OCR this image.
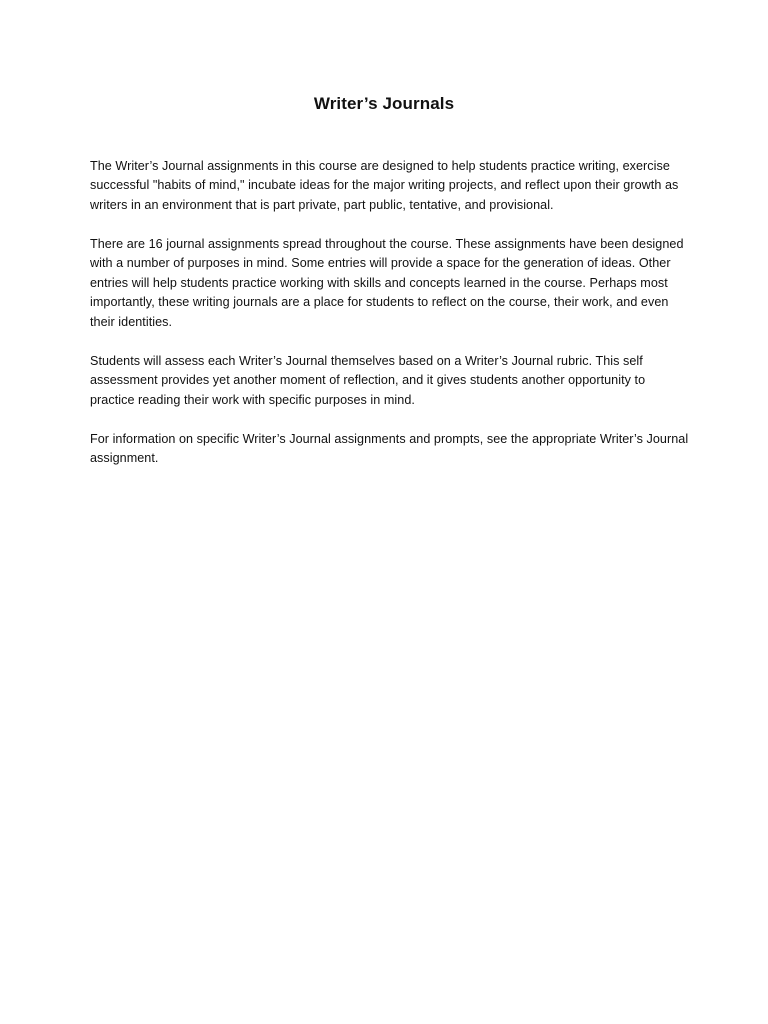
Writer’s Journals

The Writer’s Journal assignments in this course are designed to help students practice writing, exercise successful "habits of mind," incubate ideas for the major writing projects, and reflect upon their growth as writers in an environment that is part private, part public, tentative, and provisional.

There are 16 journal assignments spread throughout the course. These assignments have been designed with a number of purposes in mind. Some entries will provide a space for the generation of ideas. Other entries will help students practice working with skills and concepts learned in the course. Perhaps most importantly, these writing journals are a place for students to reflect on the course, their work, and even their identities.

Students will assess each Writer’s Journal themselves based on a Writer’s Journal rubric. This self assessment provides yet another moment of reflection, and it gives students another opportunity to practice reading their work with specific purposes in mind.

For information on specific Writer’s Journal assignments and prompts, see the appropriate Writer’s Journal assignment.
